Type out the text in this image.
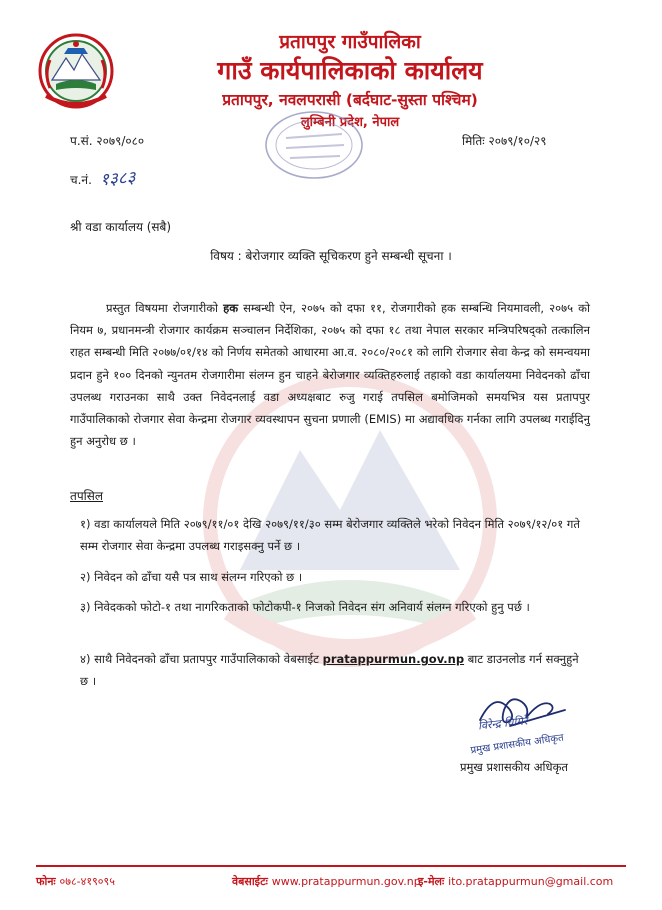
प्रतापपुर गाउँपालिका
गाउँ कार्यपालिकाको कार्यालय
प्रतापपुर, नवलपरासी (बर्दघाट-सुस्ता पश्चिम)
लुम्बिनी प्रदेश, नेपाल
प.सं. २०७९/०८०	मितिः २०७९/१०/२९
च.नं. १३८३
श्री वडा कार्यालय (सबै)
विषय : बेरोजगार व्यक्ति सूचिकरण हुने सम्बन्धी सूचना ।
प्रस्तुत विषयमा रोजगारीको हक सम्बन्धी ऐन, २०७५ को दफा ११, रोजगारीको हक सम्बन्धि नियमावली, २०७५ को नियम ७, प्रधानमन्त्री रोजगार कार्यक्रम सञ्चालन निर्देशिका, २०७५ को दफा १८ तथा नेपाल सरकार मन्त्रिपरिषद्को तत्कालिन राहत सम्बन्धी मिति २०७७/०१/१४ को निर्णय समेतको आधारमा आ.व. २०८०/२०८१ को लागि रोजगार सेवा केन्द्र को समन्वयमा प्रदान हुने १०० दिनको न्युनतम रोजगारीमा संलग्न हुन चाहने बेरोजगार व्यक्तिहरुलाई तहाको वडा कार्यालयमा निवेदनको ढाँचा उपलब्ध गराउनका साथै उक्त निवेदनलाई वडा अध्यक्षबाट रुजु गराई तपसिल बमोजिमको समयभित्र यस प्रतापपुर गाउँपालिकाको रोजगार सेवा केन्द्रमा रोजगार व्यवस्थापन सुचना प्रणाली (EMIS) मा अद्यावधिक गर्नका लागि उपलब्ध गराईदिनु हुन अनुरोध छ ।
तपसिल
१) वडा कार्यालयले मिति २०७९/११/०१ देखि २०७९/११/३० सम्म बेरोजगार व्यक्तिले भरेको निवेदन मिति २०७९/१२/०१ गते सम्म रोजगार सेवा केन्द्रमा उपलब्ध गराइसक्नु पर्ने छ ।
२) निवेदन को ढाँचा यसै पत्र साथ संलग्न गरिएको छ ।
३) निवेदकको फोटो-१ तथा नागरिकताको फोटोकपी-१ निजको निवेदन संग अनिवार्य संलग्न गरिएको हुनु पर्छ ।
४) साथै निवेदनको ढाँचा प्रतापपुर गाउँपालिकाको वेबसाईट pratappurmun.gov.np बाट डाउनलोड गर्न सक्नुहुने छ ।
विरेन्द्र घिमिरे
प्रमुख प्रशासकीय अधिकृत
प्रमुख प्रशासकीय अधिकृत
फोनः ०७८-४१९०९५	वेबसाईटः www.pratappurmun.gov.np
इ-मेलः ito.pratappurmun@gmail.com
